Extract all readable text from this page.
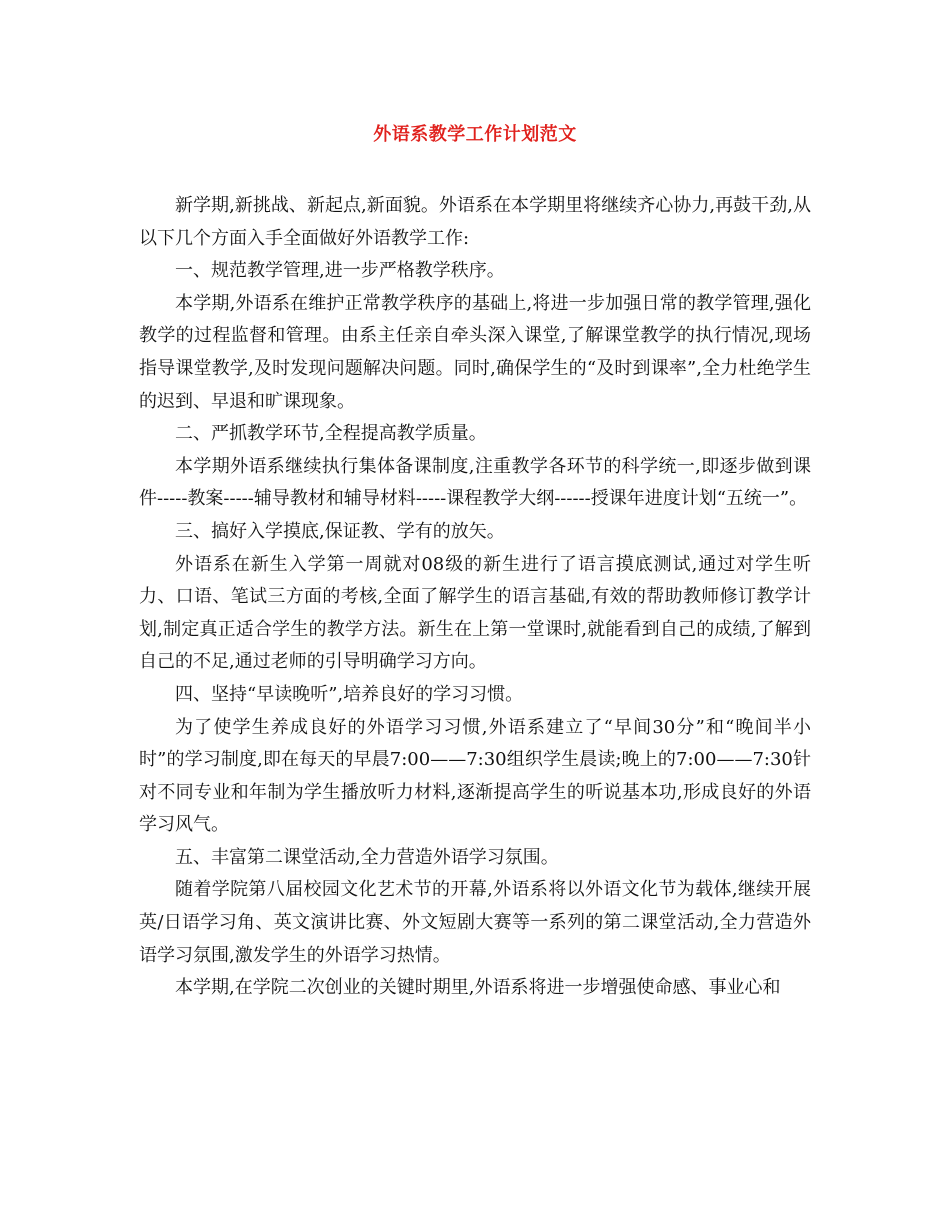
外语系教学工作计划范文

新学期,新挑战、新起点,新面貌。外语系在本学期里将继续齐心协力,再鼓干劲,从以下几个方面入手全面做好外语教学工作:

一、规范教学管理,进一步严格教学秩序。

本学期,外语系在维护正常教学秩序的基础上,将进一步加强日常的教学管理,强化教学的过程监督和管理。由系主任亲自牵头深入课堂,了解课堂教学的执行情况,现场指导课堂教学,及时发现问题解决问题。同时,确保学生的“及时到课率”,全力杜绝学生的迟到、早退和旷课现象。

二、严抓教学环节,全程提高教学质量。

本学期外语系继续执行集体备课制度,注重教学各环节的科学统一,即逐步做到课件-----教案-----辅导教材和辅导材料-----课程教学大纲------授课年进度计划“五统一”。

三、搞好入学摸底,保证教、学有的放矢。

外语系在新生入学第一周就对08级的新生进行了语言摸底测试,通过对学生听力、口语、笔试三方面的考核,全面了解学生的语言基础,有效的帮助教师修订教学计划,制定真正适合学生的教学方法。新生在上第一堂课时,就能看到自己的成绩,了解到自己的不足,通过老师的引导明确学习方向。

四、坚持“早读晚听”,培养良好的学习习惯。

为了使学生养成良好的外语学习习惯,外语系建立了“早间30分”和“晚间半小时”的学习制度,即在每天的早晨7:00——7:30组织学生晨读;晚上的7:00——7:30针对不同专业和年制为学生播放听力材料,逐渐提高学生的听说基本功,形成良好的外语学习风气。

五、丰富第二课堂活动,全力营造外语学习氛围。

随着学院第八届校园文化艺术节的开幕,外语系将以外语文化节为载体,继续开展英/日语学习角、英文演讲比赛、外文短剧大赛等一系列的第二课堂活动,全力营造外语学习氛围,激发学生的外语学习热情。

本学期,在学院二次创业的关键时期里,外语系将进一步增强使命感、事业心和
